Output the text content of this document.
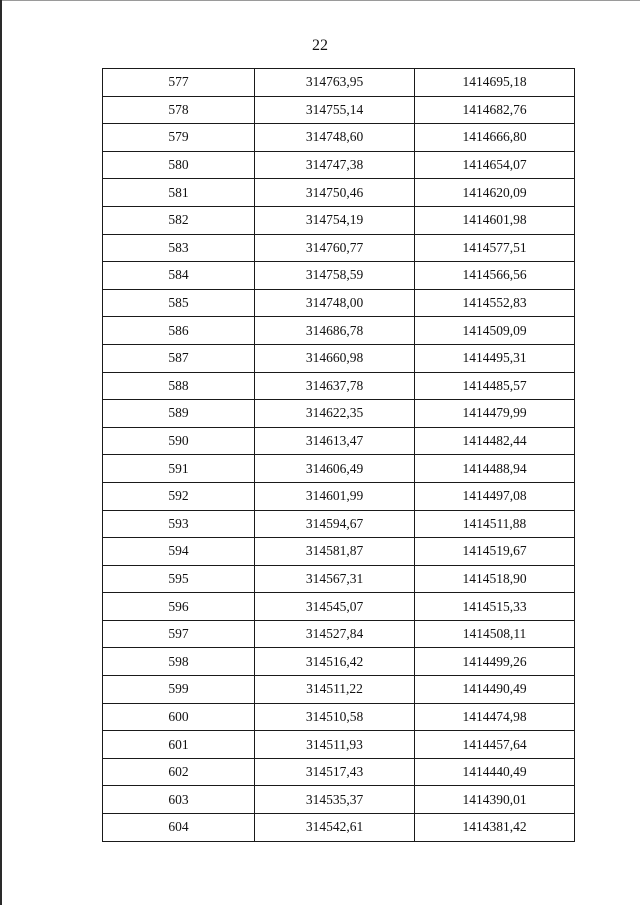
22
577	314763,95	1414695,18
578	314755,14	1414682,76
579	314748,60	1414666,80
580	314747,38	1414654,07
581	314750,46	1414620,09
582	314754,19	1414601,98
583	314760,77	1414577,51
584	314758,59	1414566,56
585	314748,00	1414552,83
586	314686,78	1414509,09
587	314660,98	1414495,31
588	314637,78	1414485,57
589	314622,35	1414479,99
590	314613,47	1414482,44
591	314606,49	1414488,94
592	314601,99	1414497,08
593	314594,67	1414511,88
594	314581,87	1414519,67
595	314567,31	1414518,90
596	314545,07	1414515,33
597	314527,84	1414508,11
598	314516,42	1414499,26
599	314511,22	1414490,49
600	314510,58	1414474,98
601	314511,93	1414457,64
602	314517,43	1414440,49
603	314535,37	1414390,01
604	314542,61	1414381,42
